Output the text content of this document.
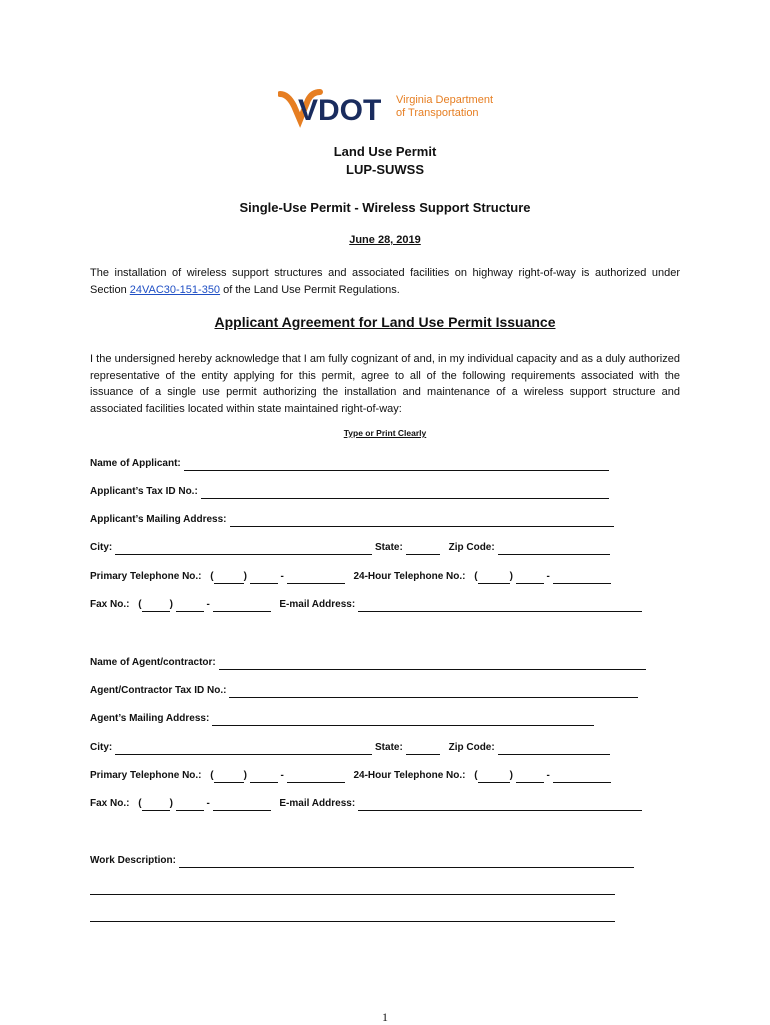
VDOT Virginia Department
of Transportation
Land Use Permit
LUP-SUWSS
Single-Use Permit - Wireless Support Structure
June 28, 2019
The installation of wireless support structures and associated facilities on highway right-of-way is authorized under Section 24VAC30-151-350 of the Land Use Permit Regulations.
Applicant Agreement for Land Use Permit Issuance
I the undersigned hereby acknowledge that I am fully cognizant of and, in my individual capacity and as a duly authorized representative of the entity applying for this permit, agree to all of the following requirements associated with the issuance of a single use permit authorizing the installation and maintenance of a wireless support structure and associated facilities located within state maintained right-of-way:
Type or Print Clearly
Name of Applicant:
Applicant’s Tax ID No.:
Applicant’s Mailing Address:
City:	State:	Zip Code:
Primary Telephone No.: (	)	-	24-Hour Telephone No.: (	)	-
Fax No.: (	)	-	E-mail Address:
Name of Agent/contractor:
Agent/Contractor Tax ID No.:
Agent’s Mailing Address:
City:	State:	Zip Code:
Primary Telephone No.: (	)	-	24-Hour Telephone No.: (	)	-
Fax No.: (	)	-	E-mail Address:
Work Description:
1
